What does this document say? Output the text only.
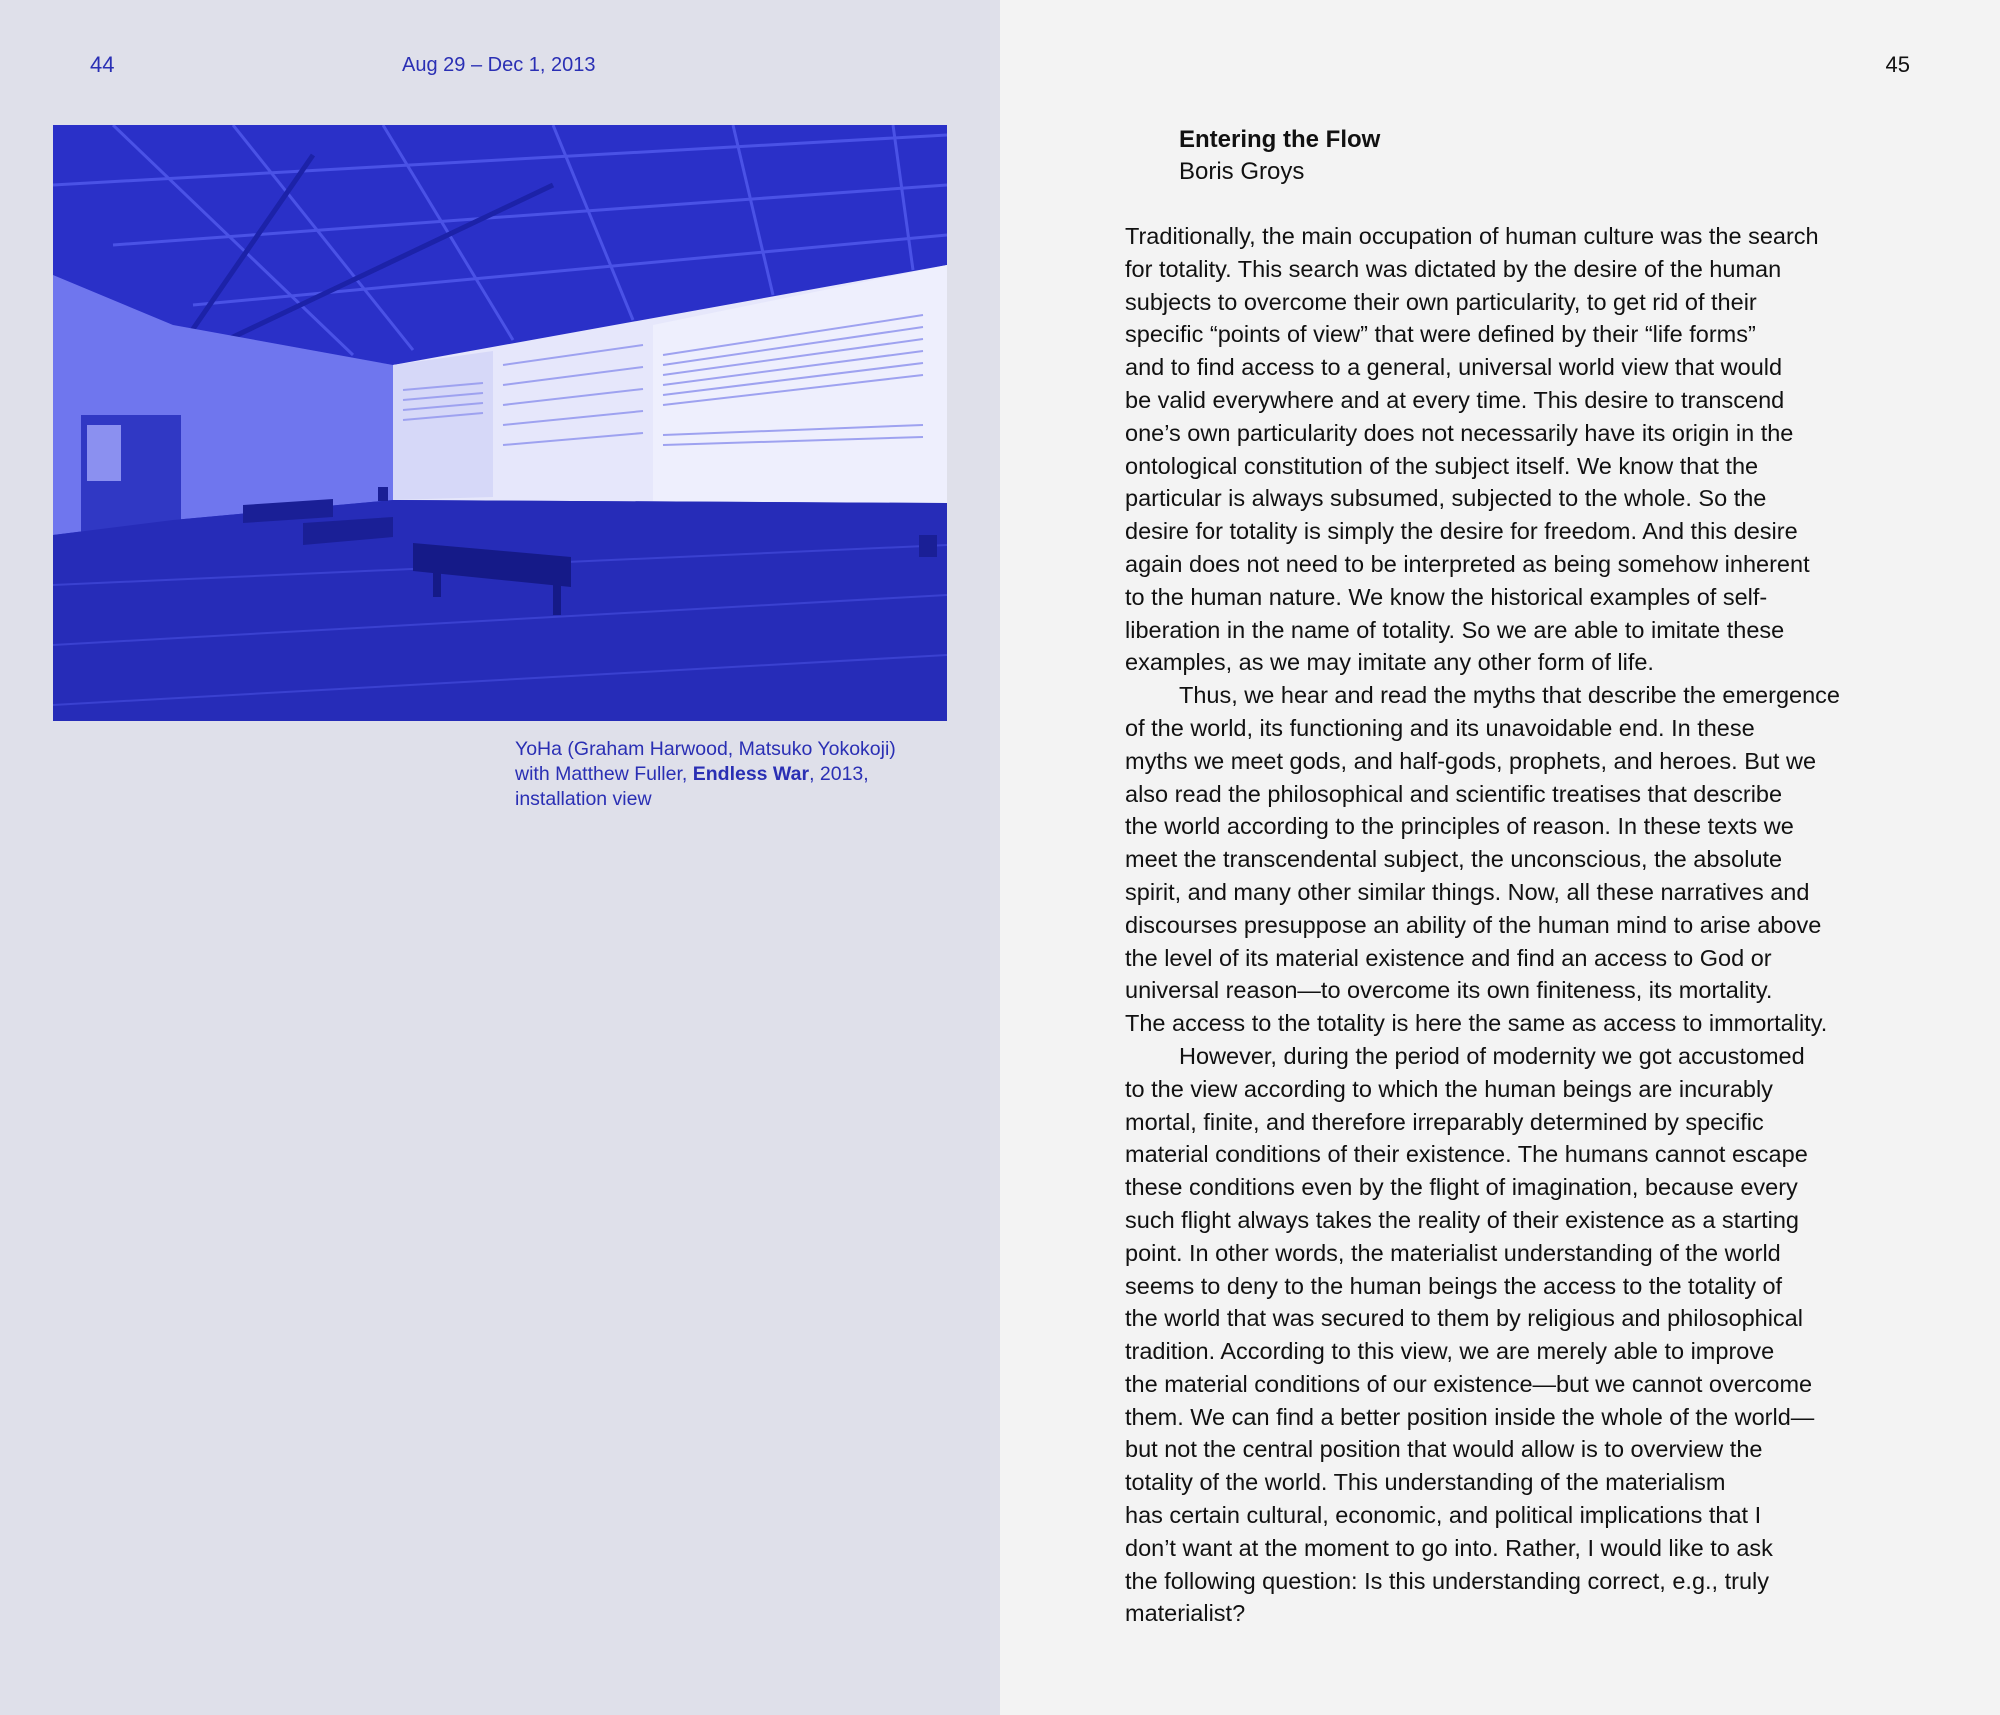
44	Aug 29 – Dec 1, 2013
YoHa (Graham Harwood, Matsuko Yokokoji)
with Matthew Fuller, Endless War, 2013,
installation view
45
Entering the Flow
Boris Groys
Traditionally, the main occupation of human culture was the search
for totality. This search was dictated by the desire of the human
subjects to overcome their own particularity, to get rid of their
specific “points of view” that were defined by their “life forms”
and to find access to a general, universal world view that would
be valid everywhere and at every time. This desire to transcend
one’s own particularity does not necessarily have its origin in the
ontological constitution of the subject itself. We know that the
particular is always subsumed, subjected to the whole. So the
desire for totality is simply the desire for freedom. And this desire
again does not need to be interpreted as being somehow inherent
to the human nature. We know the historical examples of self-
liberation in the name of totality. So we are able to imitate these
examples, as we may imitate any other form of life.
Thus, we hear and read the myths that describe the emergence
of the world, its functioning and its unavoidable end. In these
myths we meet gods, and half-gods, prophets, and heroes. But we
also read the philosophical and scientific treatises that describe
the world according to the principles of reason. In these texts we
meet the transcendental subject, the unconscious, the absolute
spirit, and many other similar things. Now, all these narratives and
discourses presuppose an ability of the human mind to arise above
the level of its material existence and find an access to God or
universal reason—to overcome its own finiteness, its mortality.
The access to the totality is here the same as access to immortality.
However, during the period of modernity we got accustomed
to the view according to which the human beings are incurably
mortal, finite, and therefore irreparably determined by specific
material conditions of their existence. The humans cannot escape
these conditions even by the flight of imagination, because every
such flight always takes the reality of their existence as a starting
point. In other words, the materialist understanding of the world
seems to deny to the human beings the access to the totality of
the world that was secured to them by religious and philosophical
tradition. According to this view, we are merely able to improve
the material conditions of our existence—but we cannot overcome
them. We can find a better position inside the whole of the world—
but not the central position that would allow is to overview the
totality of the world. This understanding of the materialism
has certain cultural, economic, and political implications that I
don’t want at the moment to go into. Rather, I would like to ask
the following question: Is this understanding correct, e.g., truly
materialist?
